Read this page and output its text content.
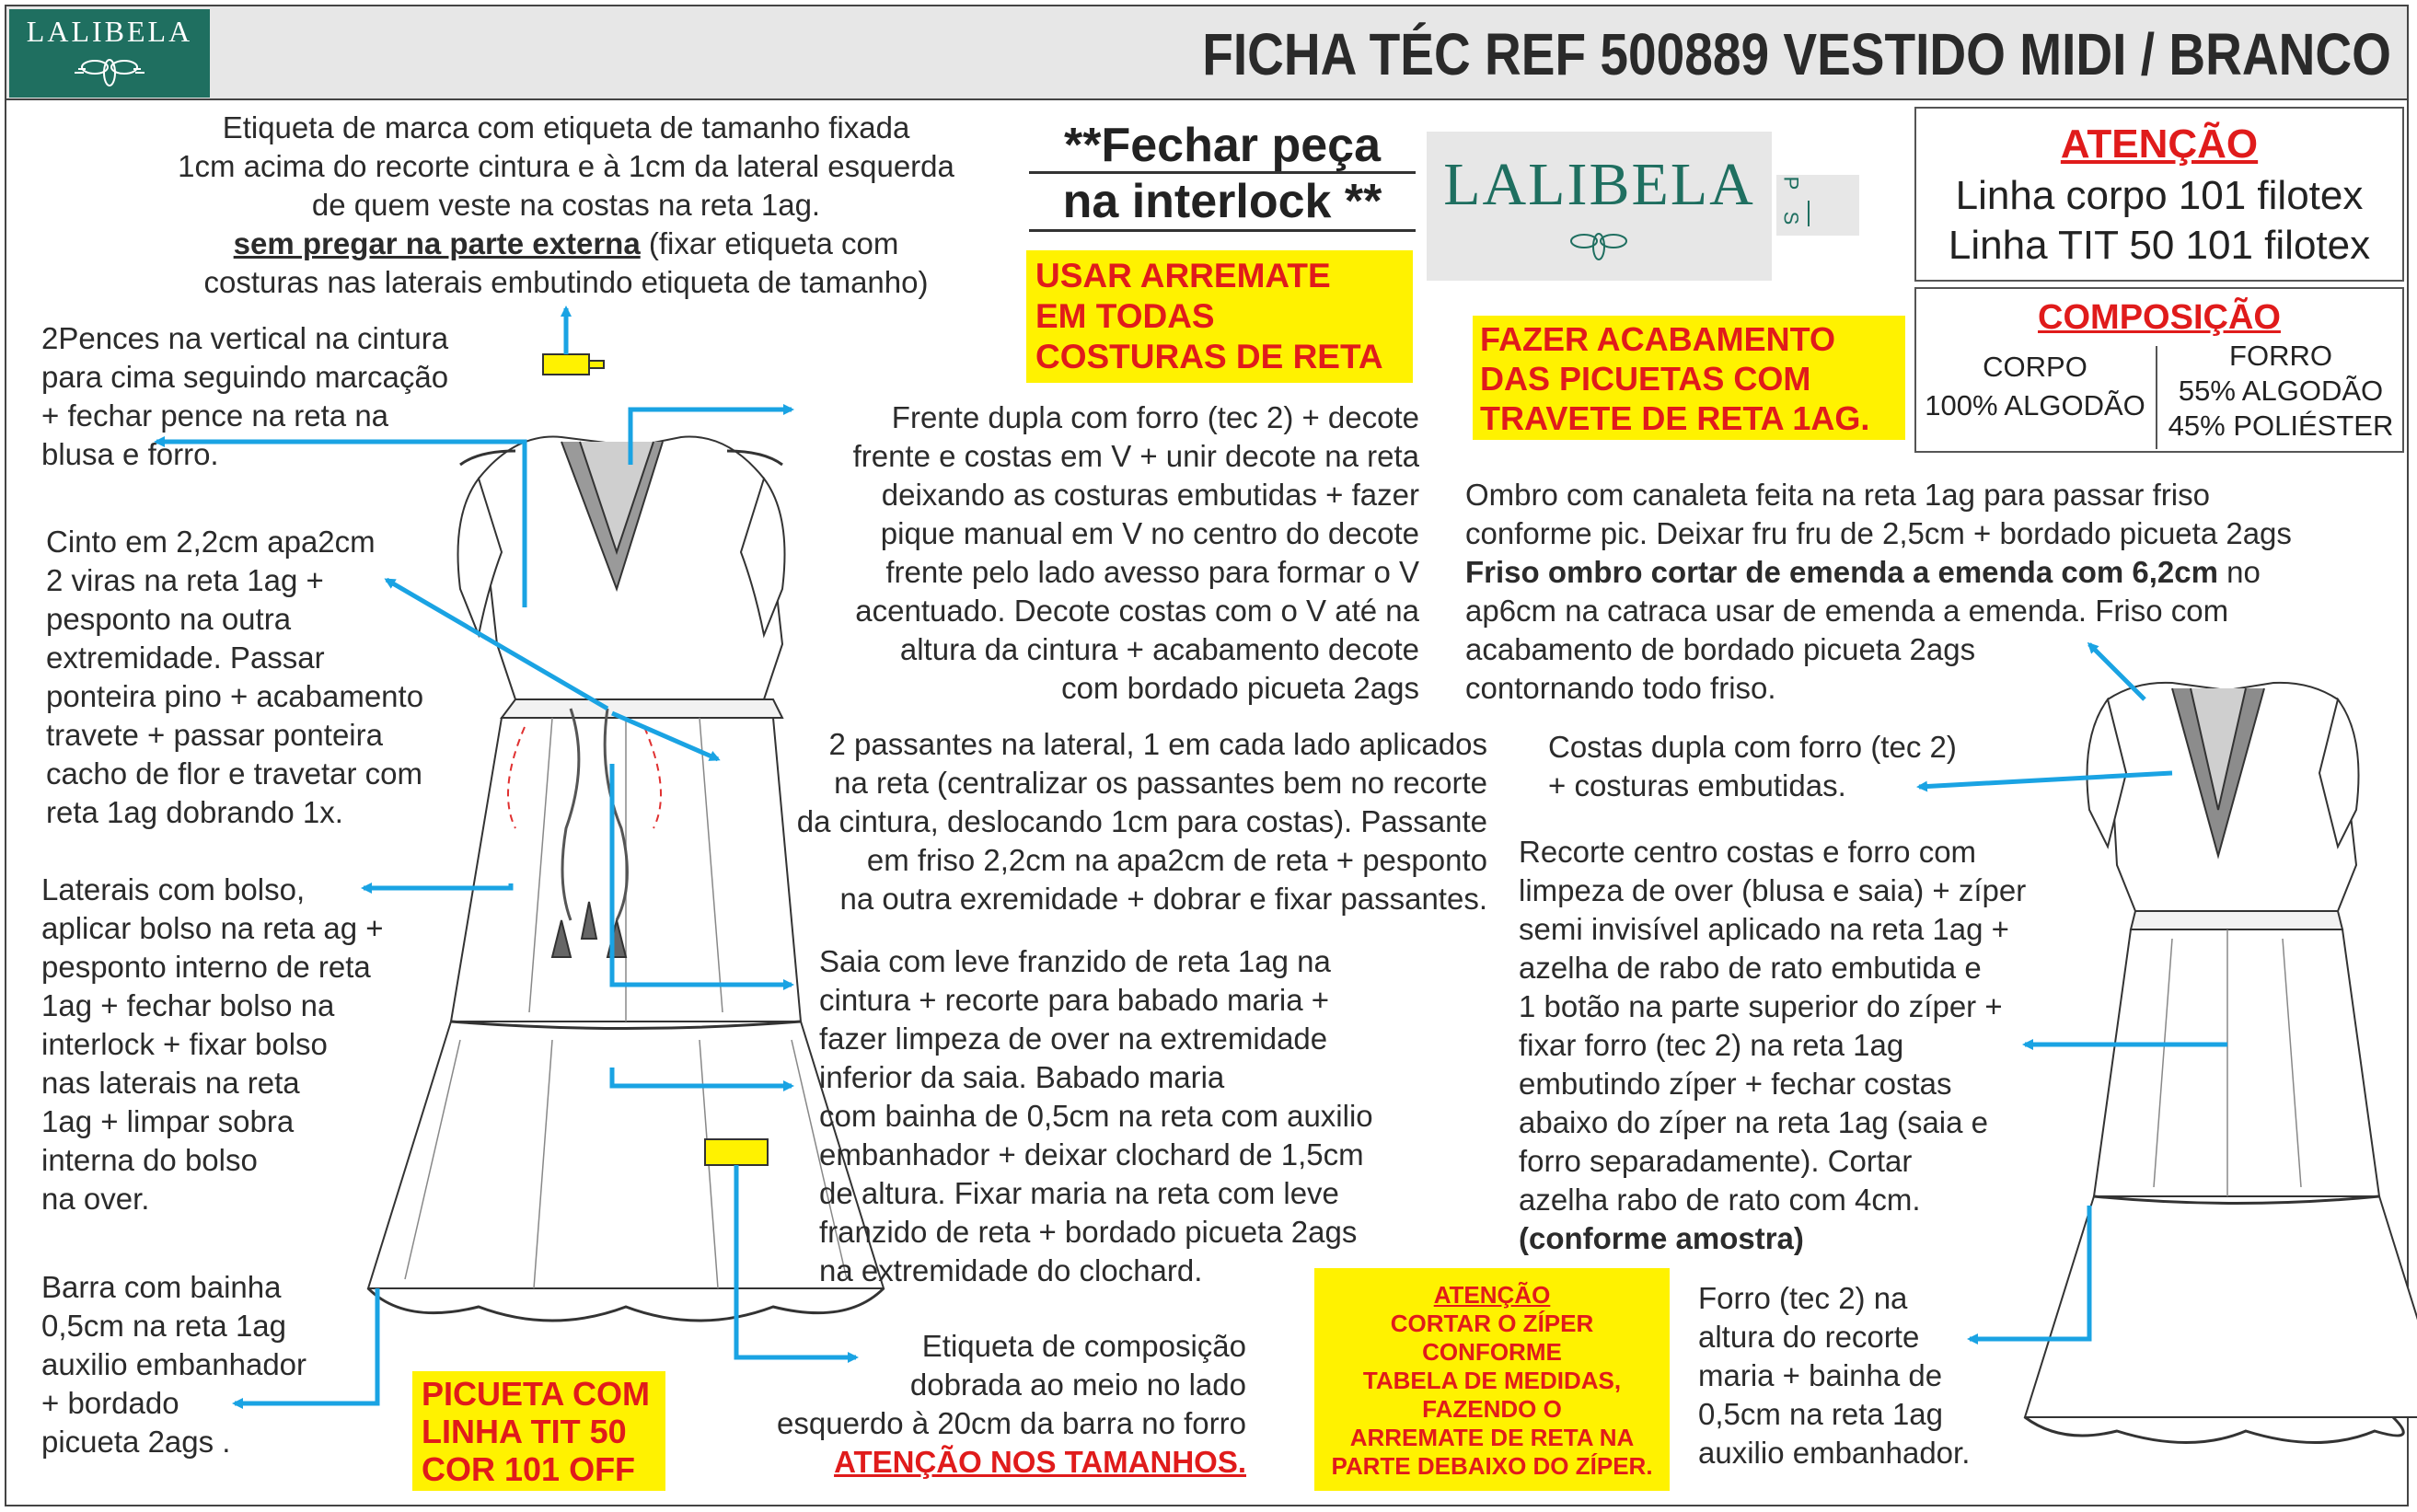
LALIBELA	FICHA TÉC REF 500889 VESTIDO MIDI / BRANCO
Etiqueta de marca com etiqueta de tamanho fixada
1cm acima do recorte cintura e à 1cm da lateral esquerda
de quem veste na costas na reta 1ag.
sem pregar na parte externa (fixar etiqueta com
costuras nas laterais embutindo etiqueta de tamanho)
**Fechar peça
na interlock **
USAR ARREMATE
EM TODAS
COSTURAS DE RETA
LALIBELA	P
S
ATENÇÃO
Linha corpo 101 filotex
Linha TIT 50 101 filotex
COMPOSIÇÃO
CORPO
100% ALGODÃO
FORRO
55% ALGODÃO
45% POLIÉSTER
FAZER ACABAMENTO
DAS PICUETAS COM
TRAVETE DE RETA 1AG.
2Pences na vertical na cintura
para cima seguindo marcação
+ fechar pence na reta na
blusa e forro.
Cinto em 2,2cm apa2cm
2 viras na reta 1ag +
pesponto na outra
extremidade. Passar
ponteira pino + acabamento
travete + passar ponteira
cacho de flor e travetar com
reta 1ag dobrando 1x.
Laterais com bolso,
aplicar bolso na reta ag +
pesponto interno de reta
1ag + fechar bolso na
interlock + fixar bolso
nas laterais na reta
1ag + limpar sobra
interna do bolso
na over.
Barra com bainha
0,5cm na reta 1ag
auxilio embanhador
+ bordado
picueta 2ags .
PICUETA COM
LINHA TIT 50
COR 101 OFF
Frente dupla com forro (tec 2) + decote
frente e costas em V + unir decote na reta
deixando as costuras embutidas + fazer
pique manual em V no centro do decote
frente pelo lado avesso para formar o V
acentuado. Decote costas com o V até na
altura da cintura + acabamento decote
com bordado picueta 2ags
2 passantes na lateral, 1 em cada lado aplicados
na reta (centralizar os passantes bem no recorte
da cintura, deslocando 1cm para costas). Passante
em friso 2,2cm na apa2cm de reta + pesponto
na outra exremidade + dobrar e fixar passantes.
Saia com leve franzido de reta 1ag na
cintura + recorte para babado maria +
fazer limpeza de over na extremidade
inferior da saia. Babado maria
com bainha de 0,5cm na reta com auxilio
embanhador + deixar clochard de 1,5cm
de altura. Fixar maria na reta com leve
franzido de reta + bordado picueta 2ags
na extremidade do clochard.
Etiqueta de composição
dobrada ao meio no lado
esquerdo à 20cm da barra no forro
ATENÇÃO NOS TAMANHOS.
ATENÇÃO
CORTAR O ZÍPER
CONFORME
TABELA DE MEDIDAS,
FAZENDO O
ARREMATE DE RETA NA
PARTE DEBAIXO DO ZÍPER.
Ombro com canaleta feita na reta 1ag para passar friso
conforme pic. Deixar fru fru de 2,5cm + bordado picueta 2ags
Friso ombro cortar de emenda a emenda com 6,2cm no
ap6cm na catraca usar de emenda a emenda. Friso com
acabamento de bordado picueta 2ags
contornando todo friso.
Costas dupla com forro (tec 2)
+ costuras embutidas.
Recorte centro costas e forro com
limpeza de over (blusa e saia) + zíper
semi invisível aplicado na reta 1ag +
azelha de rabo de rato embutida e
1 botão na parte superior do zíper +
fixar forro (tec 2) na reta 1ag
embutindo zíper + fechar costas
abaixo do zíper na reta 1ag (saia e
forro separadamente). Cortar
azelha rabo de rato com 4cm.
(conforme amostra)
Forro (tec 2) na
altura do recorte
maria + bainha de
0,5cm na reta 1ag
auxilio embanhador.
